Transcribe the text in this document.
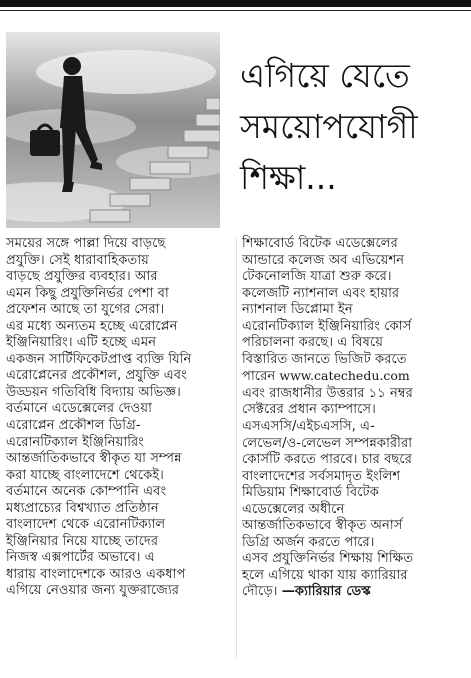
এগিয়ে যেতে
সময়োপযোগী
শিক্ষা...
সময়ের সঙ্গে পাল্লা দিয়ে বাড়ছে
প্রযুক্তি। সেই ধারাবাহিকতায়
বাড়ছে প্রযুক্তির ব্যবহার। আর
এমন কিছু প্রযুক্তিনির্ভর পেশা বা
প্রফেশন আছে তা যুগের সেরা।
এর মধ্যে অন্যতম হচ্ছে এরোপ্লেন
ইঞ্জিনিয়ারিং। এটি হচ্ছে এমন
একজন সার্টিফিকেটপ্রাপ্ত ব্যক্তি যিনি
এরোপ্লেনের প্রকৌশল, প্রযুক্তি এবং
উড্ডয়ন গতিবিধি বিদ্যায় অভিজ্ঞ।
বর্তমানে এডেক্সেলের দেওয়া
এরোপ্লেন প্রকৌশল ডিগ্রি-
এরোনটিক্যাল ইঞ্জিনিয়ারিং
আন্তর্জাতিকভাবে স্বীকৃত যা সম্পন্ন
করা যাচ্ছে বাংলাদেশে থেকেই।
বর্তমানে অনেক কোম্পানি এবং
মধ্যপ্রাচ্যের বিশ্বখ্যাত প্রতিষ্ঠান
বাংলাদেশ থেকে এরোনটিক্যাল
ইঞ্জিনিয়ার নিয়ে যাচ্ছে তাদের
নিজস্ব এক্সপার্টের অভাবে। এ
ধারায় বাংলাদেশকে আরও একধাপ
এগিয়ে নেওয়ার জন্য যুক্তরাজ্যের
শিক্ষাবোর্ড বিটেক এডেক্সেলের
আন্ডারে কলেজ অব এভিয়েশন
টেকনোলজি যাত্রা শুরু করে।
কলেজটি ন্যাশনাল এবং হায়ার
ন্যাশনাল ডিপ্লোমা ইন
এরোনটিক্যাল ইঞ্জিনিয়ারিং কোর্স
পরিচালনা করছে। এ বিষয়ে
বিস্তারিত জানতে ভিজিট করতে
পারেন www.catechedu.com
এবং রাজধানীর উত্তরার ১১ নম্বর
সেক্টরের প্রধান ক্যাম্পাসে।
এসএসসি/এইচএসসি, এ-
লেভেল/ও-লেভেল সম্পন্নকারীরা
কোর্সটি করতে পারবে। চার বছরে
বাংলাদেশের সর্বসমাদৃত ইংলিশ
মিডিয়াম শিক্ষাবোর্ড বিটেক
এডেক্সেলের অধীনে
আন্তর্জাতিকভাবে স্বীকৃত অনার্স
ডিগ্রি অর্জন করতে পারে।
এসব প্রযুক্তিনির্ভর শিক্ষায় শিক্ষিত
হলে এগিয়ে থাকা যায় ক্যারিয়ার
দৌড়ে। —ক্যারিয়ার ডেস্ক
